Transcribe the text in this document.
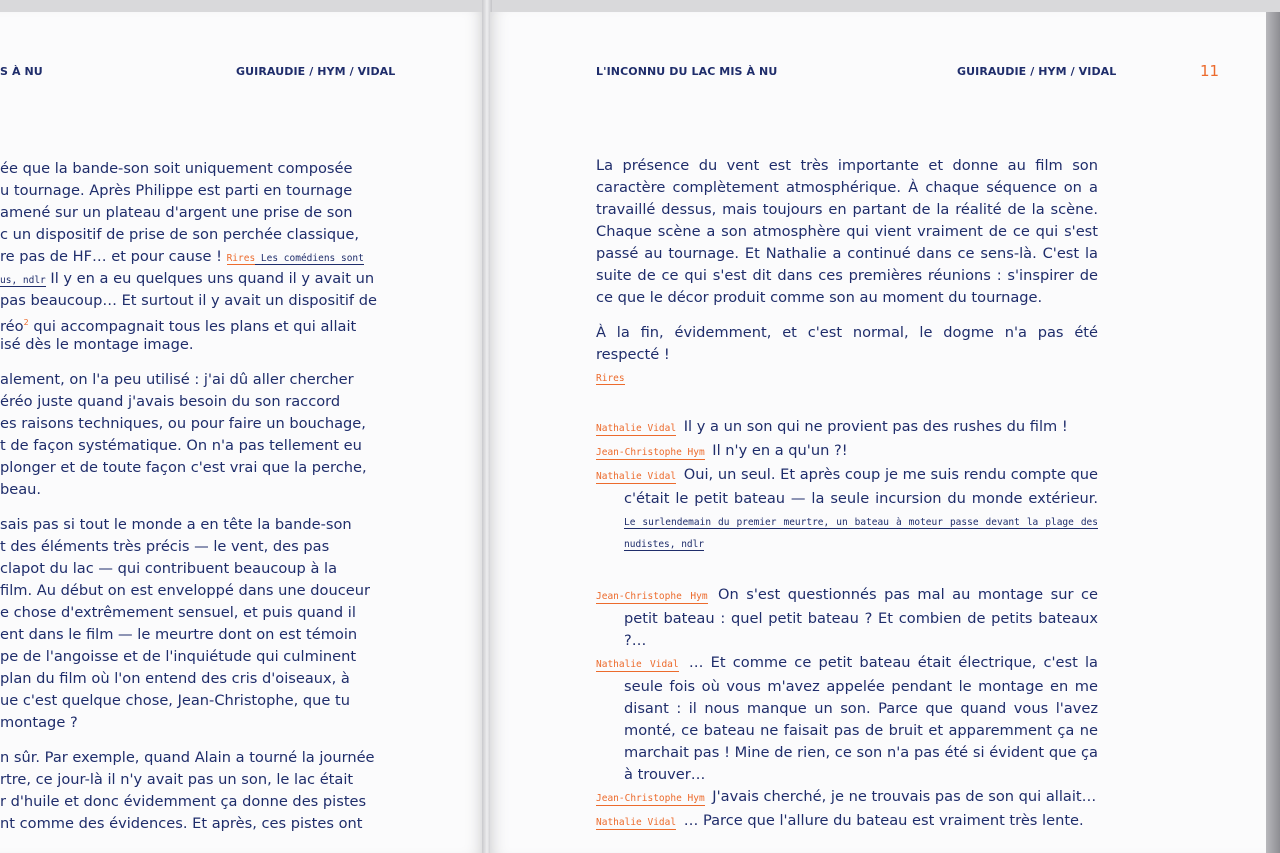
S À NU	GUIRAUDIE / HYM / VIDAL
ée que la bande-son soit uniquement composée
u tournage. Après Philippe est parti en tournage
amené sur un plateau d'argent une prise de son
c un dispositif de prise de son perchée classique,
re pas de HF… et pour cause ! Rires Les comédiens sont
us, ndlr Il y en a eu quelques uns quand il y avait un
pas beaucoup… Et surtout il y avait un dispositif de
réo$^2$ qui accompagnait tous les plans et qui allait
isé dès le montage image.
alement, on l'a peu utilisé : j'ai dû aller chercher
éréo juste quand j'avais besoin du son raccord
es raisons techniques, ou pour faire un bouchage,
t de façon systématique. On n'a pas tellement eu
plonger et de toute façon c'est vrai que la perche,
beau.
sais pas si tout le monde a en tête la bande-son
t des éléments très précis — le vent, des pas
clapot du lac — qui contribuent beaucoup à la
film. Au début on est enveloppé dans une douceur
e chose d'extrêmement sensuel, et puis quand il
ent dans le film — le meurtre dont on est témoin
pe de l'angoisse et de l'inquiétude qui culminent
plan du film où l'on entend des cris d'oiseaux, à
ue c'est quelque chose, Jean-Christophe, que tu
montage ?
n sûr. Par exemple, quand Alain a tourné la journée
rtre, ce jour-là il n'y avait pas un son, le lac était
r d'huile et donc évidemment ça donne des pistes
nt comme des évidences. Et après, ces pistes ont
L'INCONNU DU LAC MIS À NU	GUIRAUDIE / HYM / VIDAL	11

La présence du vent est très importante et donne au film son caractère complètement atmosphérique. À chaque séquence on a travaillé dessus, mais toujours en partant de la réalité de la scène. Chaque scène a son atmosphère qui vient vraiment de ce qui s'est passé au tournage. Et Nathalie a continué dans ce sens-là. C'est la suite de ce qui s'est dit dans ces premières réunions : s'inspirer de ce que le décor produit comme son au moment du tournage.

À la fin, évidemment, et c'est normal, le dogme n'a pas été respecté !
Rires

Nathalie Vidal Il y a un son qui ne provient pas des rushes du film !

Jean-Christophe Hym Il n'y en a qu'un ?!

Nathalie Vidal Oui, un seul. Et après coup je me suis rendu compte que c'était le petit bateau — la seule incursion du monde extérieur. Le surlendemain du premier meurtre, un bateau à moteur passe devant la plage des nudistes, ndlr

Jean-Christophe Hym On s'est questionnés pas mal au montage sur ce petit bateau : quel petit bateau ? Et combien de petits bateaux ?…

Nathalie Vidal … Et comme ce petit bateau était électrique, c'est la seule fois où vous m'avez appelée pendant le montage en me disant : il nous manque un son. Parce que quand vous l'avez monté, ce bateau ne faisait pas de bruit et apparemment ça ne marchait pas ! Mine de rien, ce son n'a pas été si évident que ça à trouver…

Jean-Christophe Hym J'avais cherché, je ne trouvais pas de son qui allait…

Nathalie Vidal … Parce que l'allure du bateau est vraiment très lente.
